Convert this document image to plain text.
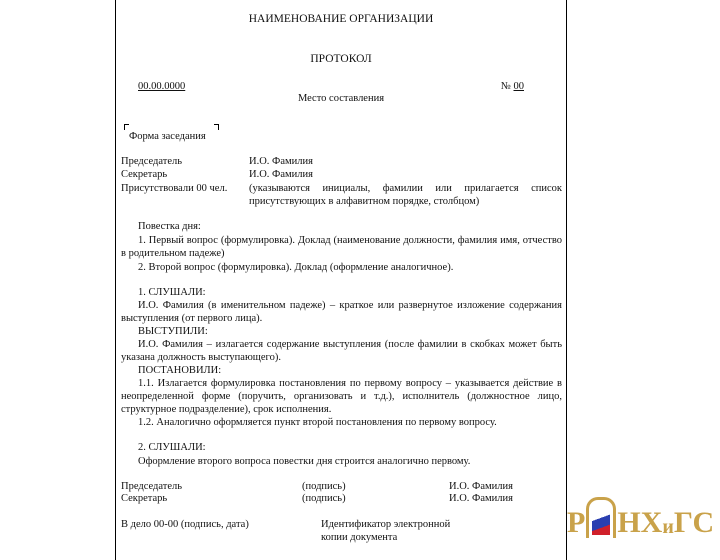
НАИМЕНОВАНИЕ ОРГАНИЗАЦИИ
ПРОТОКОЛ
00.00.0000	№ 00
Место составления
Форма заседания
Председатель	И.О. Фамилия
Секретарь	И.О. Фамилия
Присутствовали 00 чел. (указываются инициалы, фамилии или прилагается список присутствующих в алфавитном порядке, столбцом)
Повестка дня:
1. Первый вопрос (формулировка). Доклад (наименование должности, фамилия имя, отчество в родительном падеже)
2. Второй вопрос (формулировка). Доклад (оформление аналогичное).
1. СЛУШАЛИ:
И.О. Фамилия (в именительном падеже) – краткое или развернутое изложение содержания выступления (от первого лица).
ВЫСТУПИЛИ:
И.О. Фамилия – излагается содержание выступления (после фамилии в скобках может быть указана должность выступающего).
ПОСТАНОВИЛИ:
1.1. Излагается формулировка постановления по первому вопросу – указывается действие в неопределенной форме (поручить, организовать и т.д.), исполнитель (должностное лицо, структурное подразделение), срок исполнения.
1.2. Аналогично оформляется пункт второй постановления по первому вопросу.
2. СЛУШАЛИ:
Оформление второго вопроса повестки дня строится аналогично первому.
Председатель	(подпись)	И.О. Фамилия
Секретарь	(подпись)	И.О. Фамилия
В дело 00-00 (подпись, дата)	Идентификатор электронной
копии документа	Р НХ и ГС
